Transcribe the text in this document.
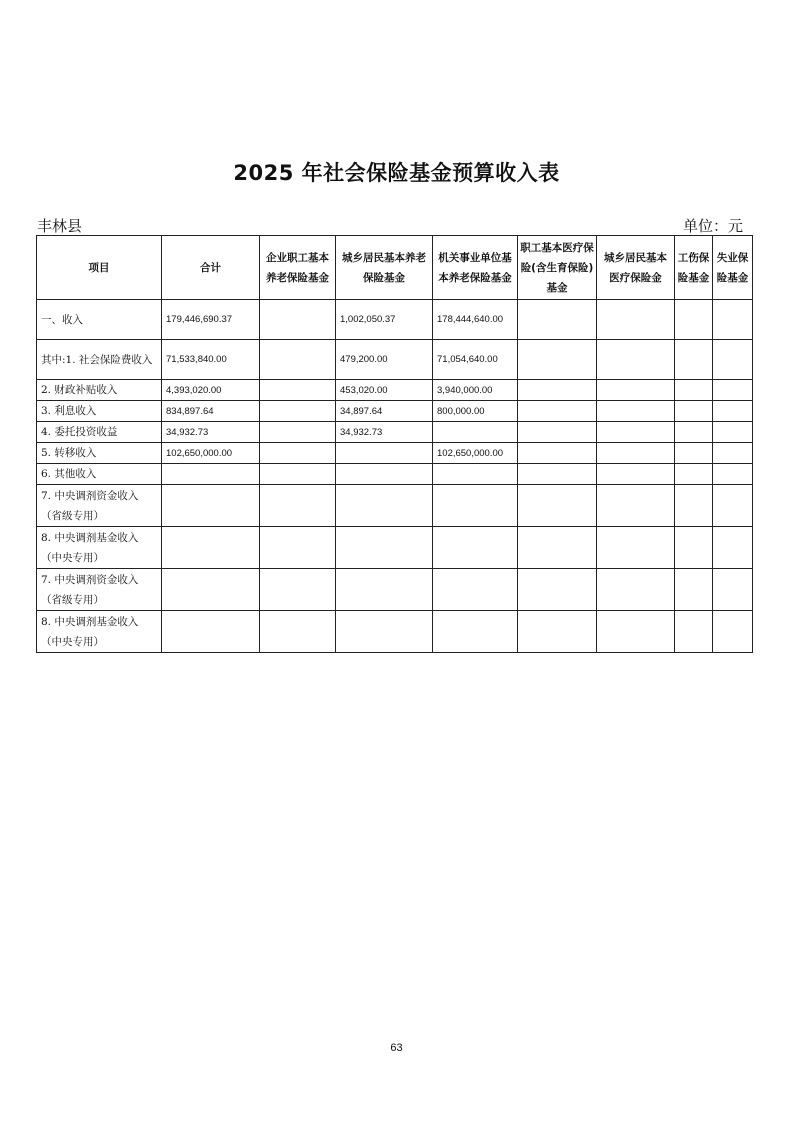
2025 年社会保险基金预算收入表
丰林县	单位：元
项目	合计	企业职工基本养老保险基金	城乡居民基本养老保险基金	机关事业单位基本养老保险基金	职工基本医疗保险(含生育保险)基金	城乡居民基本医疗保险金	工伤保险基金	失业保险基金
一、收入	179,446,690.37		1,002,050.37	178,444,640.00				
其中:1. 社会保险费收入	71,533,840.00		479,200.00	71,054,640.00				
2. 财政补贴收入	4,393,020.00		453,020.00	3,940,000.00				
3. 利息收入	834,897.64		34,897.64	800,000.00				
4. 委托投资收益	34,932.73		34,932.73					
5. 转移收入	102,650,000.00			102,650,000.00				
6. 其他收入								
7. 中央调剂资金收入（省级专用）								
8. 中央调剂基金收入（中央专用）								
7. 中央调剂资金收入（省级专用）								
8. 中央调剂基金收入（中央专用）								
63
